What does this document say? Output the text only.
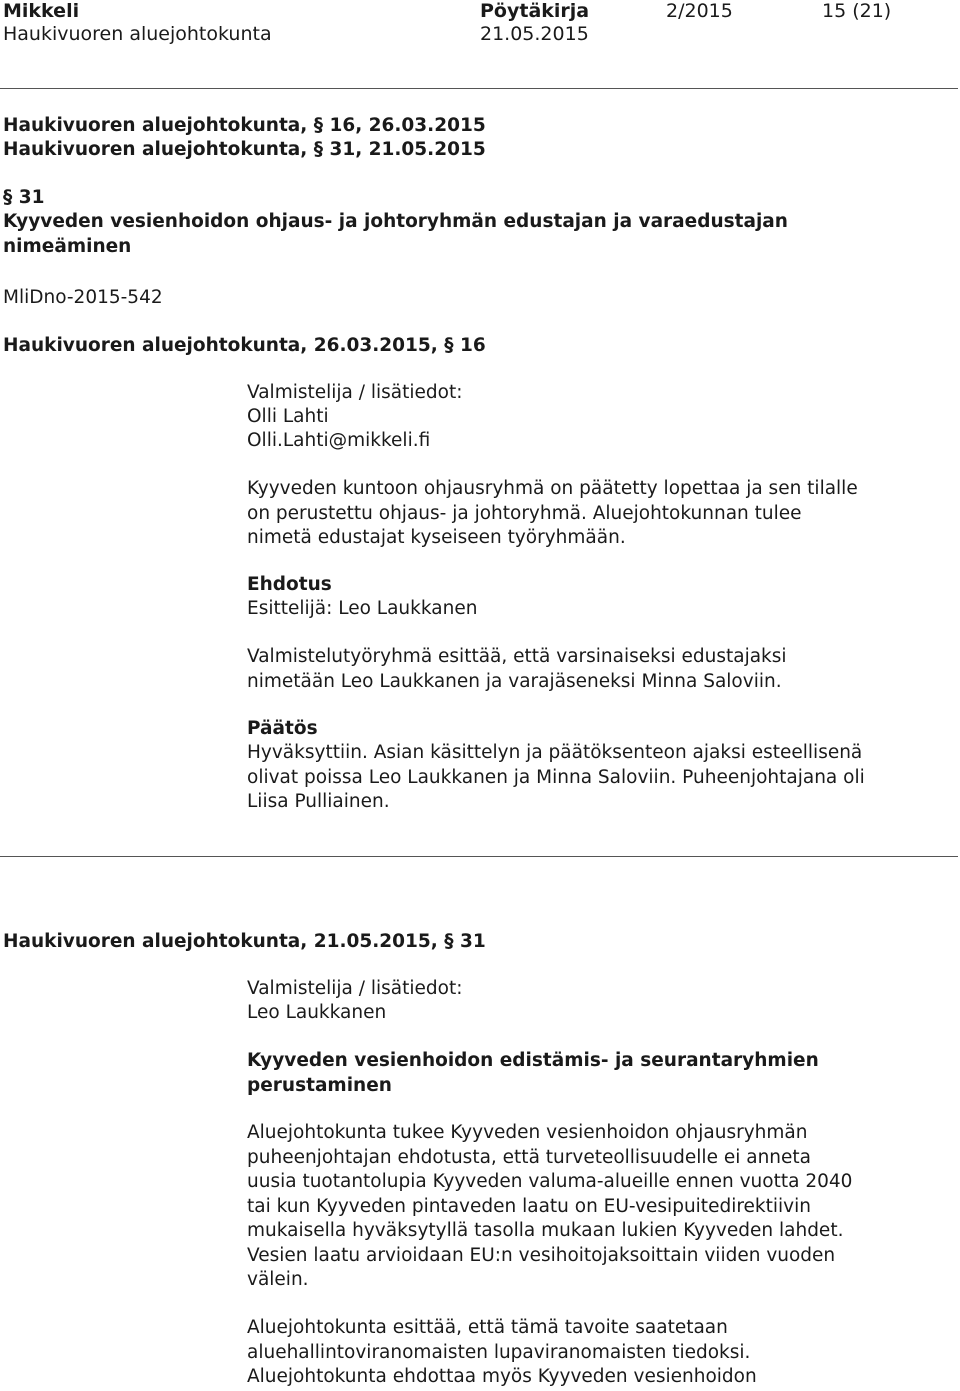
Mikkeli
Haukivuoren aluejohtokunta
Pöytäkirja
21.05.2015
2/2015	15 (21)
Haukivuoren aluejohtokunta, § 16, 26.03.2015
Haukivuoren aluejohtokunta, § 31, 21.05.2015
§ 31
Kyyveden vesienhoidon ohjaus- ja johtoryhmän edustajan ja varaedustajan
nimeäminen
MliDno-2015-542
Haukivuoren aluejohtokunta, 26.03.2015, § 16
Valmistelija / lisätiedot:
Olli Lahti
Olli.Lahti@mikkeli.fi
Kyyveden kuntoon ohjausryhmä on päätetty lopettaa ja sen tilalle
on perustettu ohjaus- ja johtoryhmä. Aluejohtokunnan tulee
nimetä edustajat kyseiseen työryhmään.
Ehdotus
Esittelijä: Leo Laukkanen
Valmistelutyöryhmä esittää, että varsinaiseksi edustajaksi
nimetään Leo Laukkanen ja varajäseneksi Minna Saloviin.
Päätös
Hyväksyttiin. Asian käsittelyn ja päätöksenteon ajaksi esteellisenä
olivat poissa Leo Laukkanen ja Minna Saloviin. Puheenjohtajana oli
Liisa Pulliainen.
Haukivuoren aluejohtokunta, 21.05.2015, § 31
Valmistelija / lisätiedot:
Leo Laukkanen
Kyyveden vesienhoidon edistämis- ja seurantaryhmien
perustaminen
Aluejohtokunta tukee Kyyveden vesienhoidon ohjausryhmän
puheenjohtajan ehdotusta, että turveteollisuudelle ei anneta
uusia tuotantolupia Kyyveden valuma-alueille ennen vuotta 2040
tai kun Kyyveden pintaveden laatu on EU-vesipuitedirektiivin
mukaisella hyväksytyllä tasolla mukaan lukien Kyyveden lahdet.
Vesien laatu arvioidaan EU:n vesihoitojaksoittain viiden vuoden
välein.
Aluejohtokunta esittää, että tämä tavoite saatetaan
aluehallintoviranomaisten lupaviranomaisten tiedoksi.
Aluejohtokunta ehdottaa myös Kyyveden vesienhoidon
